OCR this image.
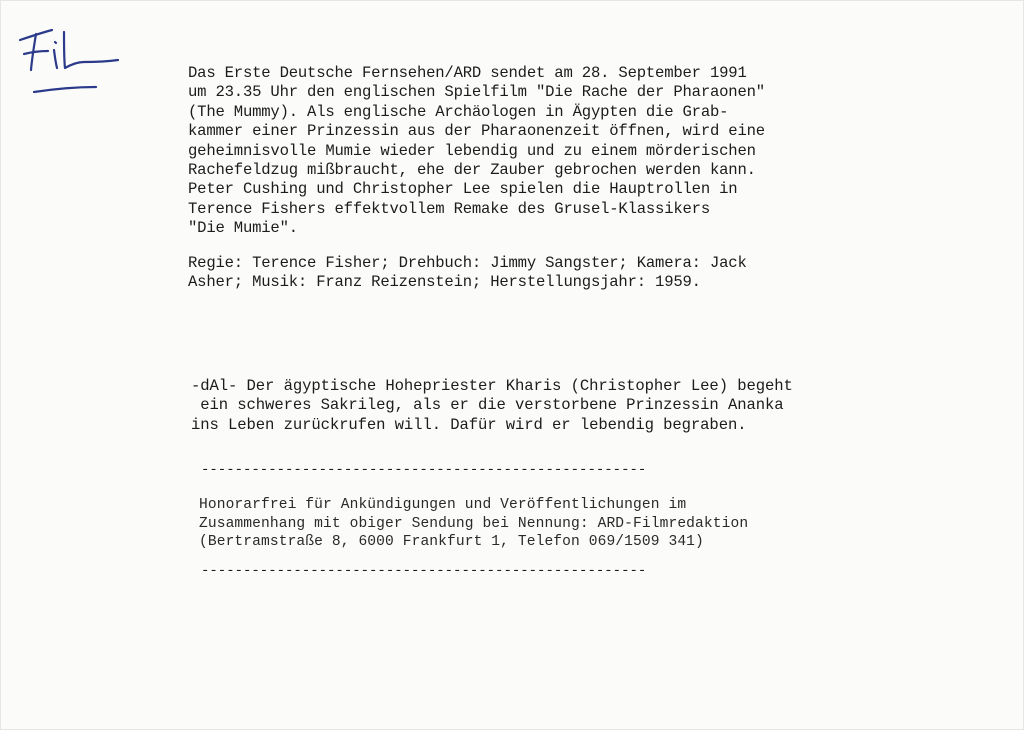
Das Erste Deutsche Fernsehen/ARD sendet am 28. September 1991
um 23.35 Uhr den englischen Spielfilm "Die Rache der Pharaonen"
(The Mummy). Als englische Archäologen in Ägypten die Grab-
kammer einer Prinzessin aus der Pharaonenzeit öffnen, wird eine
geheimnisvolle Mumie wieder lebendig und zu einem mörderischen
Rachefeldzug mißbraucht, ehe der Zauber gebrochen werden kann.
Peter Cushing und Christopher Lee spielen die Hauptrollen in
Terence Fishers effektvollem Remake des Grusel-Klassikers
"Die Mumie".
Regie: Terence Fisher; Drehbuch: Jimmy Sangster; Kamera: Jack
Asher; Musik: Franz Reizenstein; Herstellungsjahr: 1959.
-dAl- Der ägyptische Hohepriester Kharis (Christopher Lee) begeht
ein schweres Sakrileg, als er die verstorbene Prinzessin Ananka
ins Leben zurückrufen will. Dafür wird er lebendig begraben.
-----------------------------------------------------
Honorarfrei für Ankündigungen und Veröffentlichungen im
Zusammenhang mit obiger Sendung bei Nennung: ARD-Filmredaktion
(Bertramstraße 8, 6000 Frankfurt 1, Telefon 069/1509 341)
-----------------------------------------------------
